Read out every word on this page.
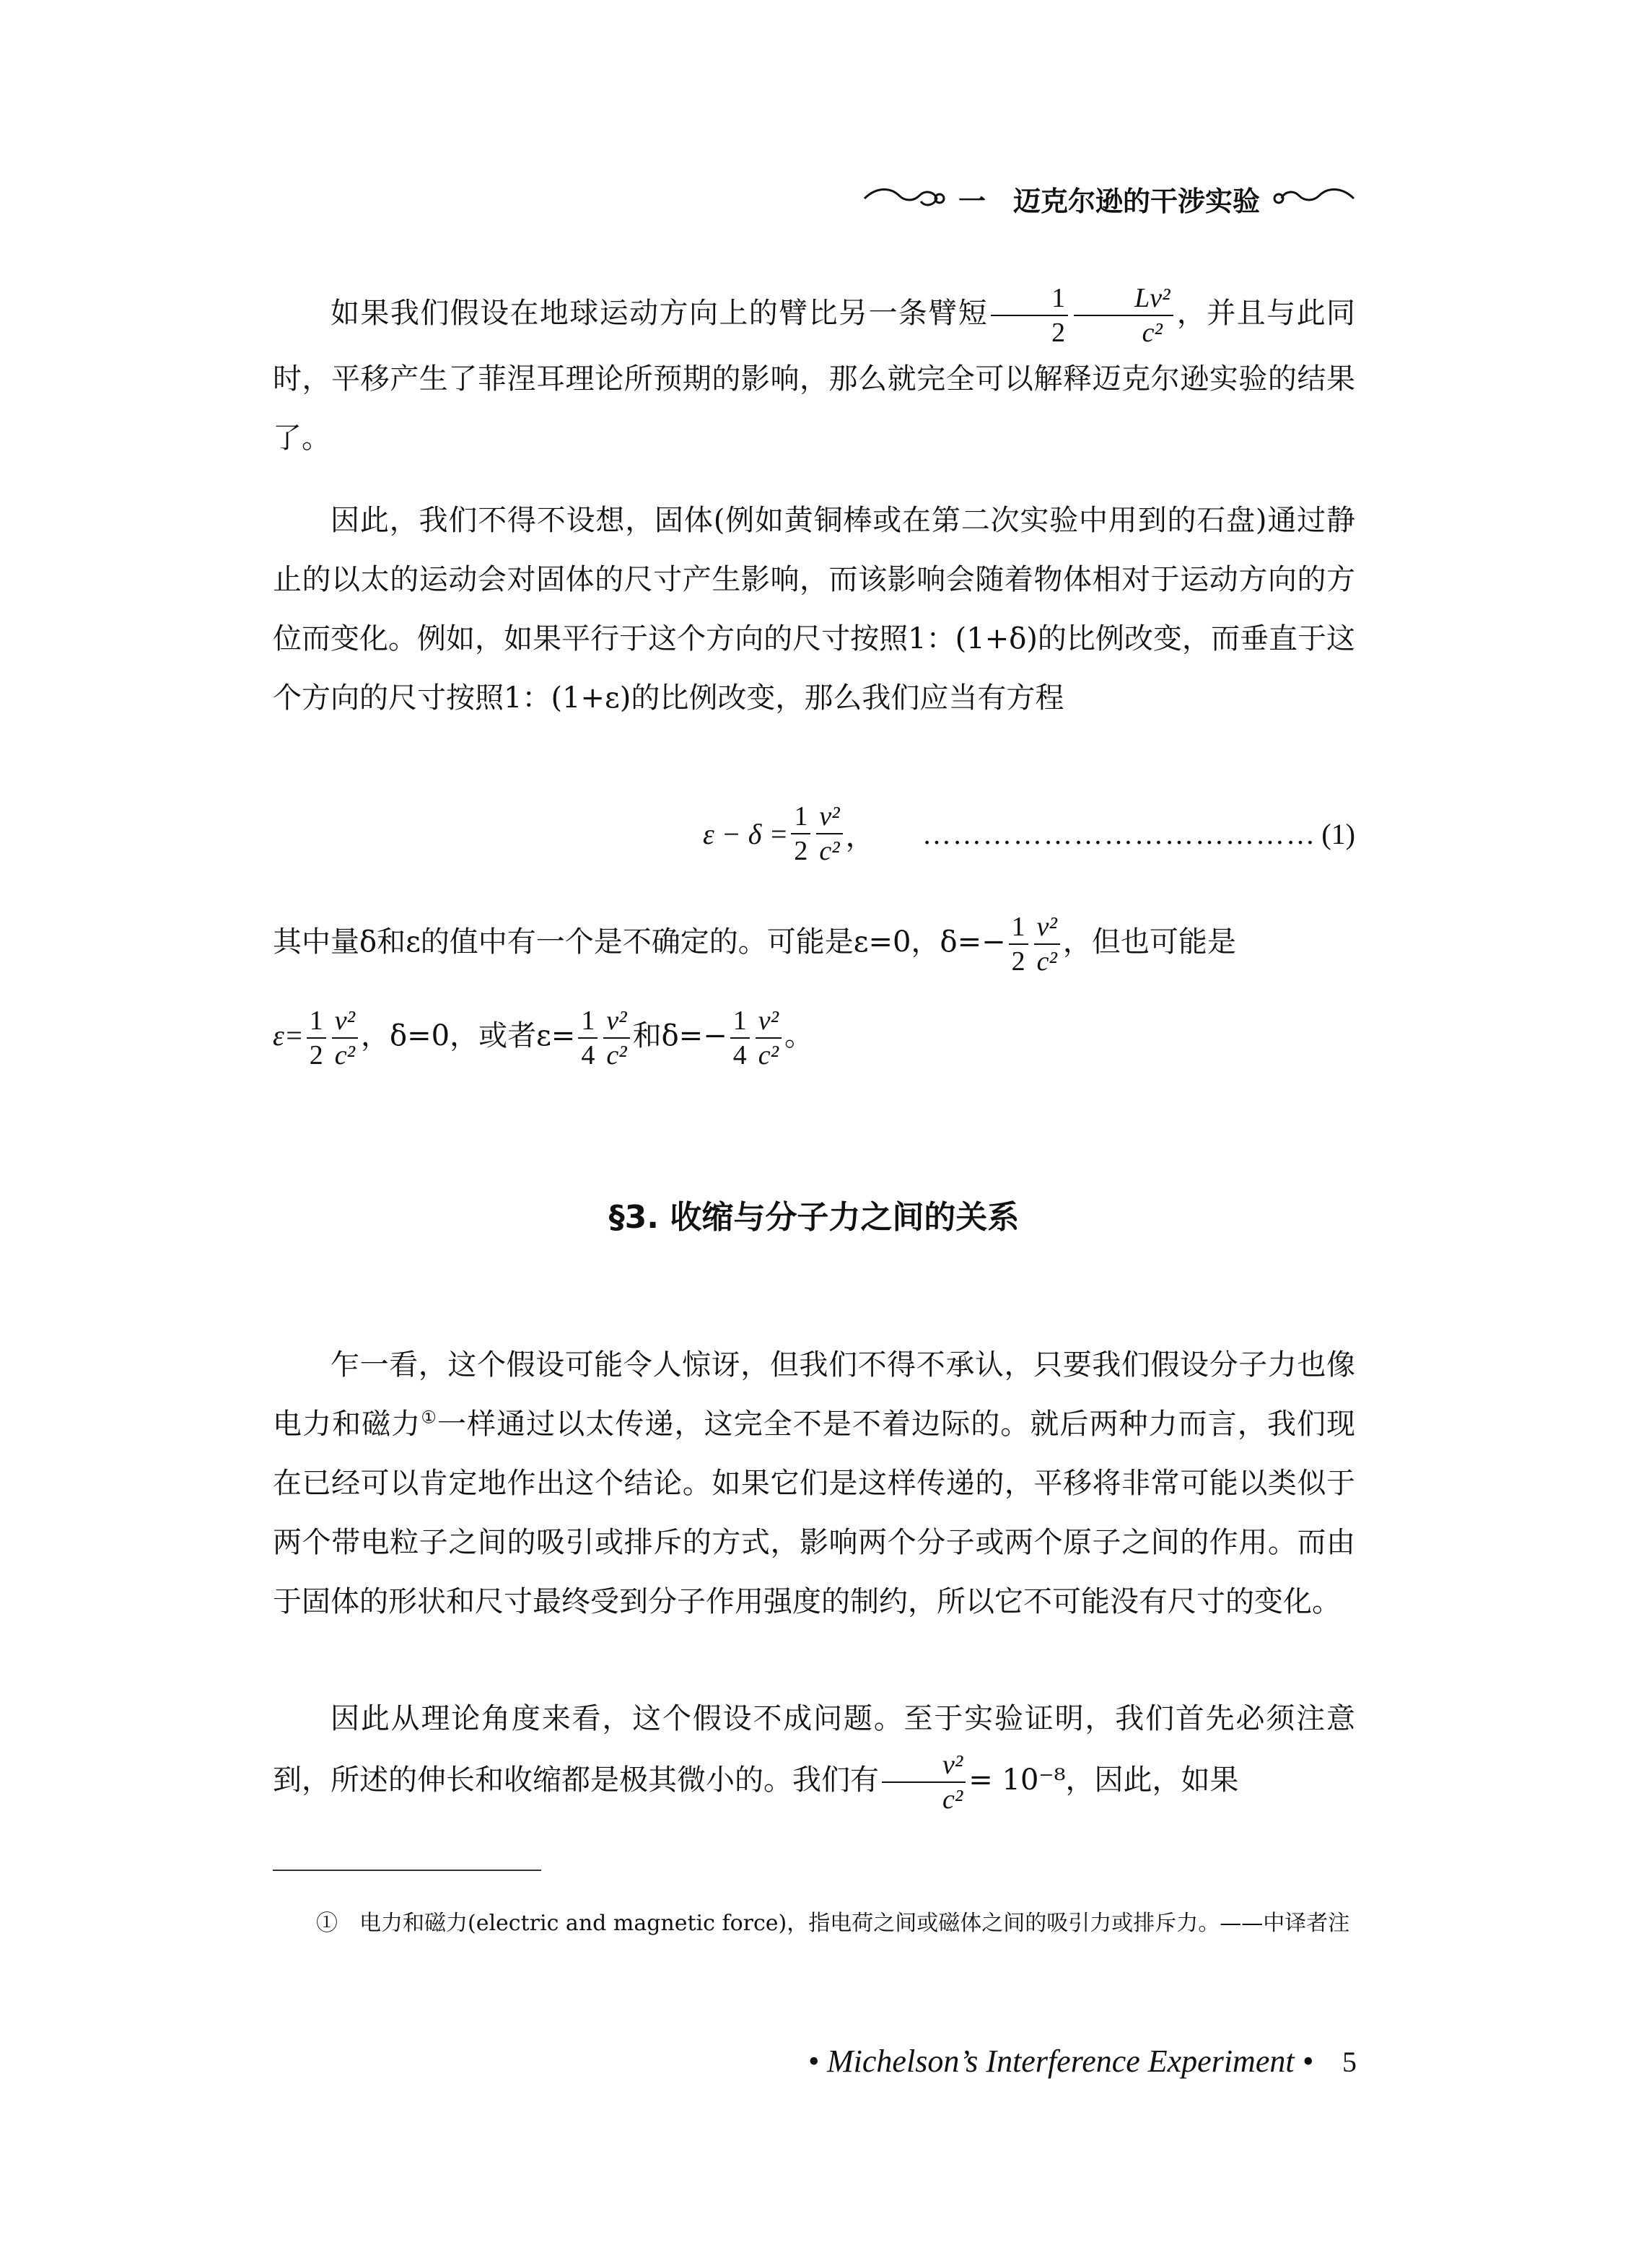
一　迈克尔逊的干涉实验

如果我们假设在地球运动方向上的臂比另一条臂短 $\frac{1}{2} \frac{\text{Lv²}}{\text{c²}}$ ，并且与此同时，平移产生了菲涅耳理论所预期的影响，那么就完全可以解释迈克尔逊实验的结果了。

因此，我们不得不设想，固体(例如黄铜棒或在第二次实验中用到的石盘)通过静止的以太的运动会对固体的尺寸产生影响，而该影响会随着物体相对于运动方向的方位而变化。例如，如果平行于这个方向的尺寸按照1：(1+δ)的比例改变，而垂直于这个方向的尺寸按照1：(1+ε)的比例改变，那么我们应当有方程

$\varepsilon - \delta = \frac{1}{2} \frac{\text{v²}}{\text{c²}}$ ， ………………………………… (1)
其中量δ和ε的值中有一个是不确定的。可能是ε=0，$\delta=- \frac{1}{2} \frac{\text{v²}}{\text{c²}}$ ，但也可能是
$\varepsilon= \frac{1}{2} \frac{\text{v²}}{\text{c²}}$ ，δ=0，或者$\varepsilon= \frac{1}{4} \frac{\text{v²}}{\text{c²}}$ 和$\delta=- \frac{1}{4} \frac{\text{v²}}{\text{c²}}$ 。
§3. 收缩与分子力之间的关系

乍一看，这个假设可能令人惊讶，但我们不得不承认，只要我们假设分子力也像电力和磁力①一样通过以太传递，这完全不是不着边际的。就后两种力而言，我们现在已经可以肯定地作出这个结论。如果它们是这样传递的，平移将非常可能以类似于两个带电粒子之间的吸引或排斥的方式，影响两个分子或两个原子之间的作用。而由于固体的形状和尺寸最终受到分子作用强度的制约，所以它不可能没有尺寸的变化。

因此从理论角度来看，这个假设不成问题。至于实验证明，我们首先必须注意到，所述的伸长和收缩都是极其微小的。我们有 $\frac{\text{v²}}{\text{c²}} = 10^{-8}$，因此，如果

①　电力和磁力(electric and magnetic force)，指电荷之间或磁体之间的吸引力或排斥力。——中译者注
• Michelson’s Interference Experiment • 5
